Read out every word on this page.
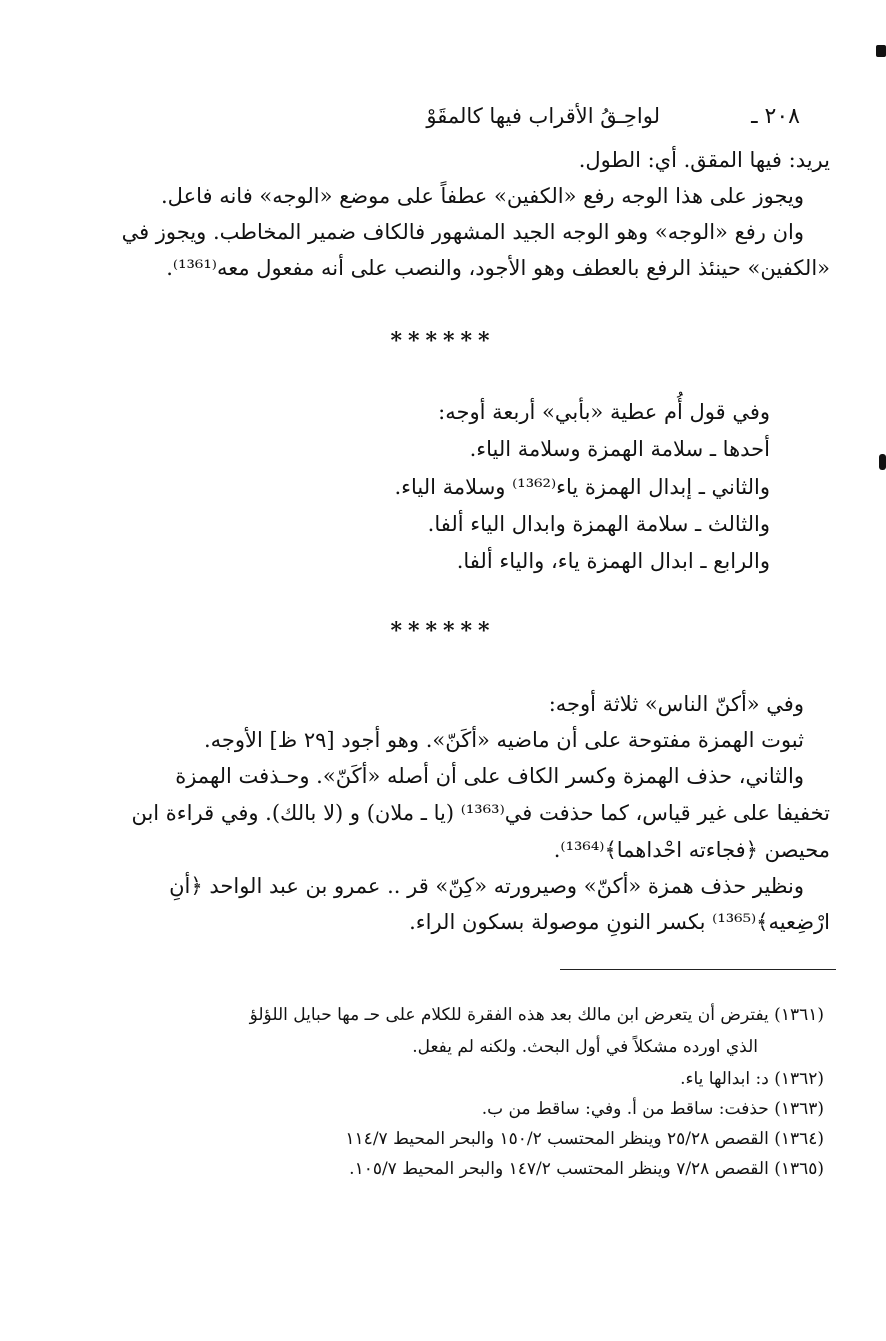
٢٠٨ ـ
لواحِـقُ الأقراب فيها كالمقَوْ
يريد: فيها المقق. أي: الطول.
ويجوز على هذا الوجه رفع «الكفين» عطفاً على موضع «الوجه» فانه فاعل.
وان رفع «الوجه» وهو الوجه الجيد المشهور فالكاف ضمير المخاطب. ويجوز في
«الكفين» حينئذ الرفع بالعطف وهو الأجود، والنصب على أنه مفعول معه⁽¹³⁶¹⁾.
******
وفي قول أُم عطية «بأبي» أربعة أوجه:
أحدها ـ سلامة الهمزة وسلامة الياء.
والثاني ـ إبدال الهمزة ياء⁽¹³⁶²⁾ وسلامة الياء.
والثالث ـ سلامة الهمزة وابدال الياء ألفا.
والرابع ـ ابدال الهمزة ياء، والياء ألفا.
******
وفي «أكنّ الناس» ثلاثة أوجه:
ثبوت الهمزة مفتوحة على أن ماضيه «أكَنّ». وهو أجود [٢٩ ظ] الأوجه.
والثاني، حذف الهمزة وكسر الكاف على أن أصله «أكَنّ». وحـذفت الهمزة
تخفيفا على غير قياس، كما حذفت في⁽¹³⁶³⁾ (يا ـ ملان) و (لا بالك). وفي قراءة ابن
محيصن ﴿فجاءته احْداهما﴾⁽¹³⁶⁴⁾.
ونظير حذف همزة «أكنّ» وصيرورته «كِنّ» قر .. عمرو بن عبد الواحد ﴿أنِ
ارْضِعيه﴾⁽¹³⁶⁵⁾ بكسر النونِ موصولة بسكون الراء.
(١٣٦١) يفترض أن يتعرض ابن مالك بعد هذه الفقرة للكلام على حـ مها حبايل اللؤلؤ
الذي اورده مشكلاً في أول البحث. ولكنه لم يفعل.
(١٣٦٢) د: ابدالها ياء.
(١٣٦٣) حذفت: ساقط من أ. وفي: ساقط من ب.
(١٣٦٤) القصص ٢٥/٢٨ وينظر المحتسب ١٥٠/٢ والبحر المحيط ١١٤/٧
(١٣٦٥) القصص ٧/٢٨ وينظر المحتسب ١٤٧/٢ والبحر المحيط ١٠٥/٧.
